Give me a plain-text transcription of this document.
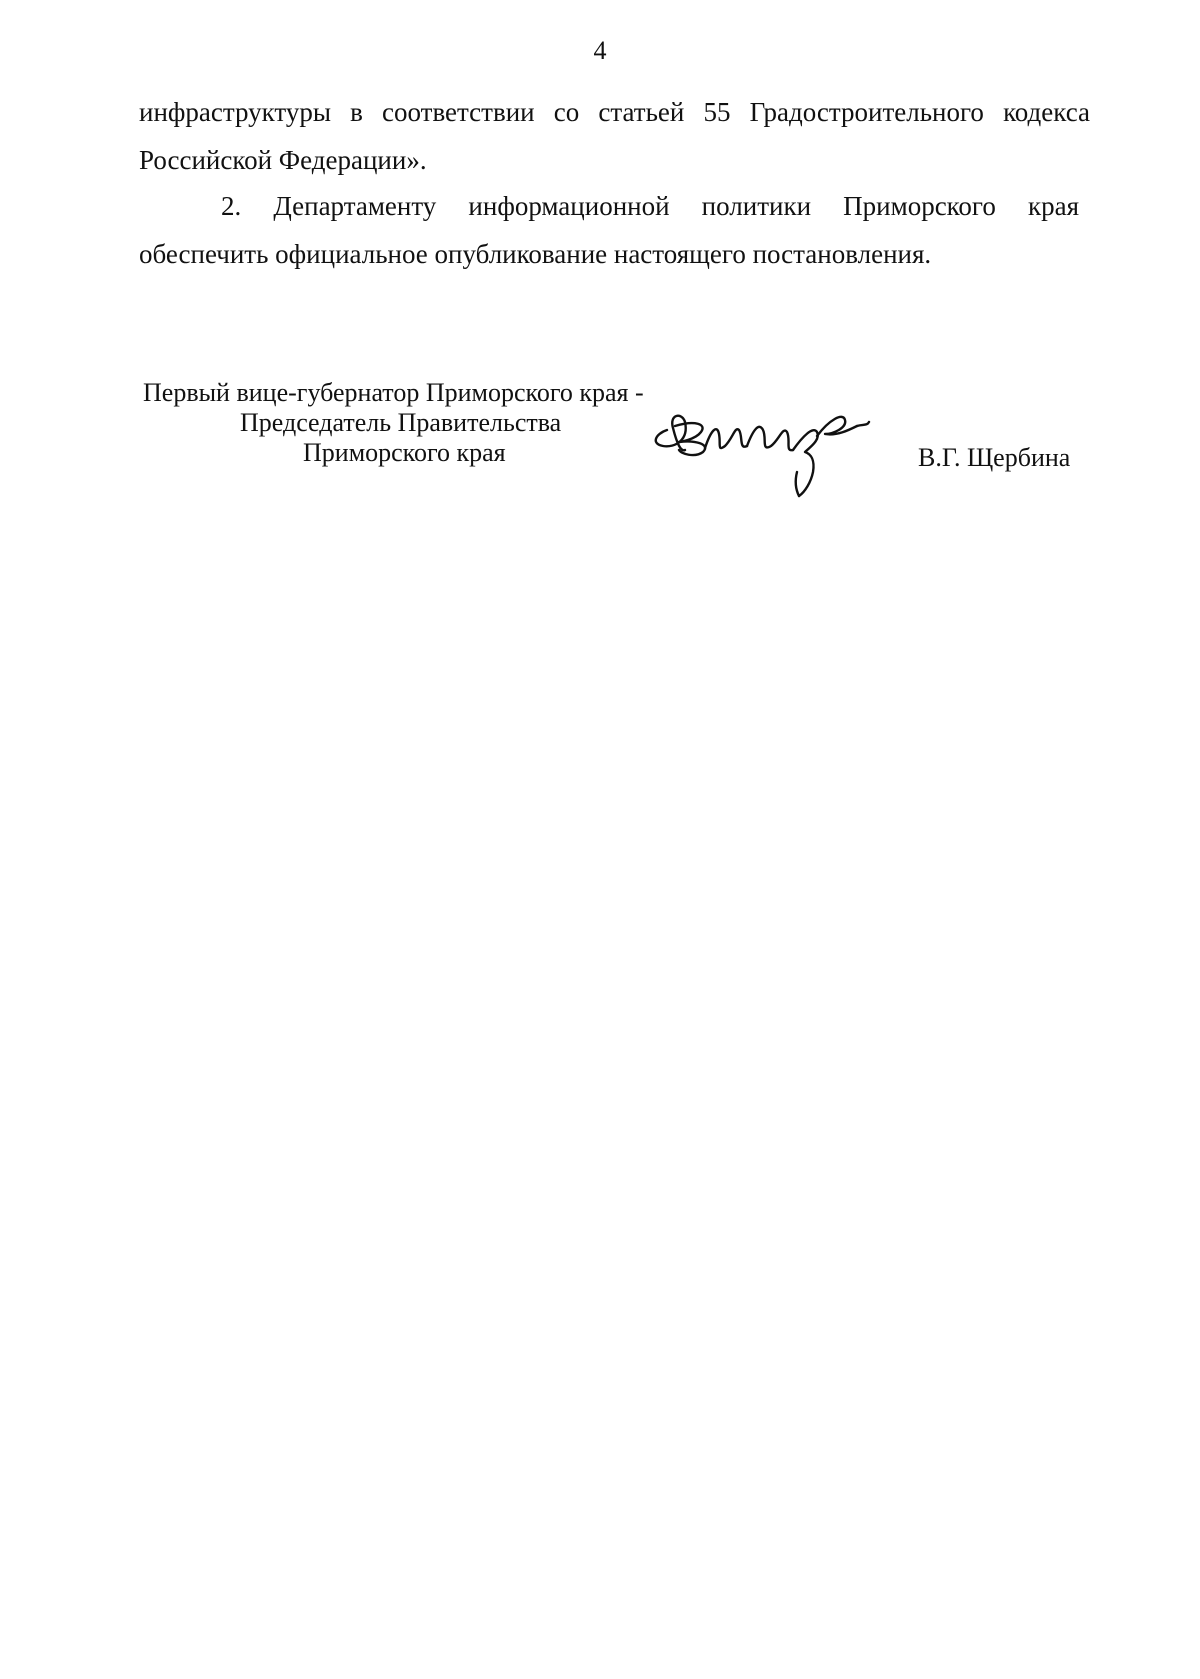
4

инфраструктуры в соответствии со статьей 55 Градостроительного кодекса Российской Федерации».

2. Департаменту информационной политики Приморского края обеспечить официальное опубликование настоящего постановления.

Первый вице-губернатор Приморского края -
Председатель Правительства
Приморского края	В.Г. Щербина
